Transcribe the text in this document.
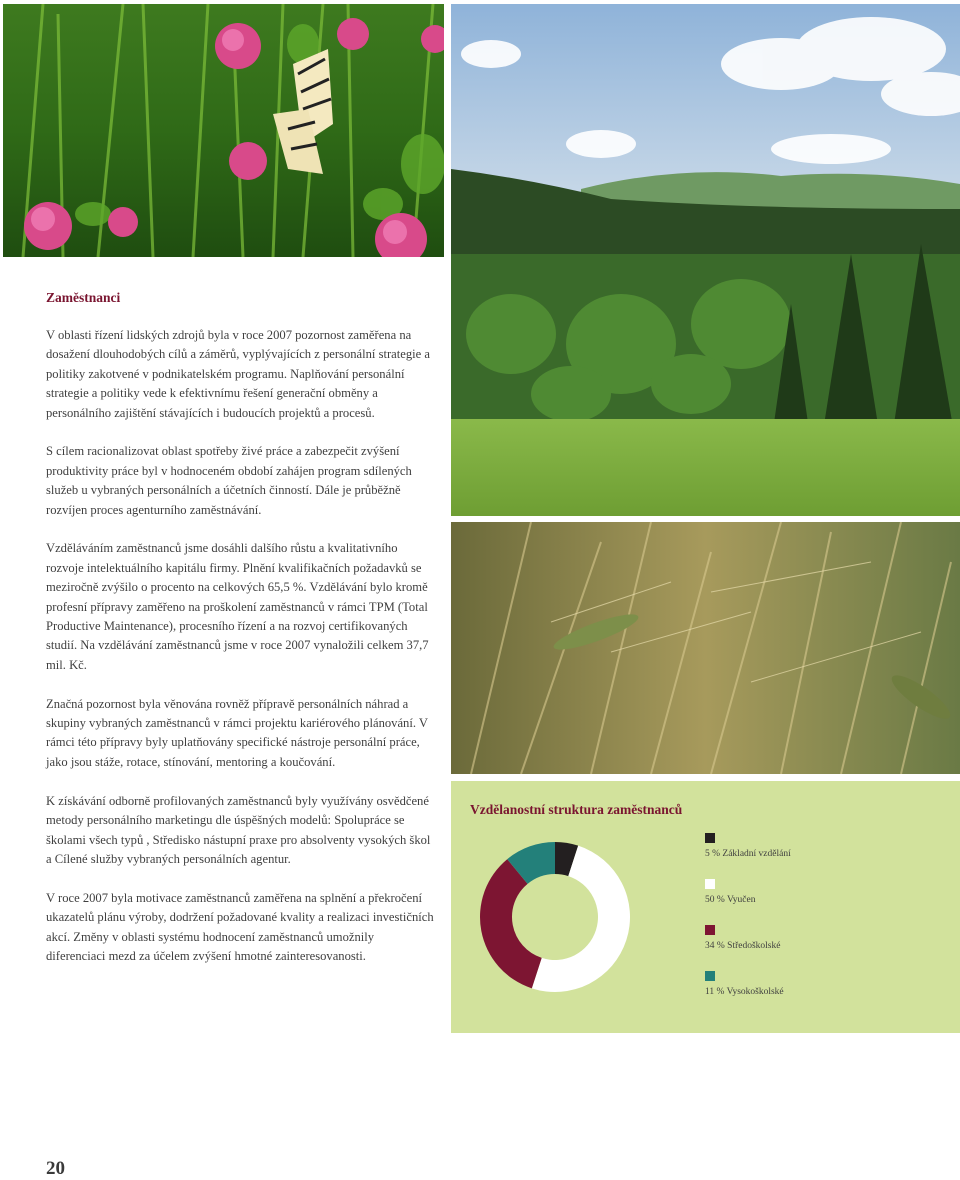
Zaměstnanci

V oblasti řízení lidských zdrojů byla v roce 2007 pozornost zaměřena na dosažení dlouhodobých cílů a záměrů, vyplývajících z personální strategie a politiky zakotvené v podnikatelském programu. Naplňování personální strategie a politiky vede k efektivnímu řešení generační obměny a personálního zajištění stávajících i budoucích projektů a procesů.

S cílem racionalizovat oblast spotřeby živé práce a zabezpečit zvýšení produktivity práce byl v hodnoceném období zahájen program sdílených služeb u vybraných personálních a účetních činností. Dále je průběžně rozvíjen proces agenturního zaměstnávání.

Vzděláváním zaměstnanců jsme dosáhli dalšího růstu a kvalitativního rozvoje intelektuálního kapitálu firmy. Plnění kvalifikačních požadavků se meziročně zvýšilo o procento na celkových 65,5 %. Vzdělávání bylo kromě profesní přípravy zaměřeno na proškolení zaměstnanců v rámci TPM (Total Productive Maintenance), procesního řízení a na rozvoj certifikovaných studií. Na vzdělávání zaměstnanců jsme v roce 2007 vynaložili celkem 37,7 mil. Kč.

Značná pozornost byla věnována rovněž přípravě personálních náhrad a skupiny vybraných zaměstnanců v rámci projektu kariérového plánování. V rámci této přípravy byly uplatňovány specifické nástroje personální práce, jako jsou stáže, rotace, stínování, mentoring a koučování.

K získávání odborně profilovaných zaměstnanců byly využívány osvědčené metody personálního marketingu dle úspěšných modelů: Spolupráce se školami všech typů , Středisko nástupní praxe pro absolventy vysokých škol a Cílené služby vybraných personálních agentur.

V roce 2007 byla motivace zaměstnanců zaměřena na splnění a překročení ukazatelů plánu výroby, dodržení požadované kvality a realizaci investičních akcí. Změny v oblasti systému hodnocení zaměstnanců umožnily diferenciaci mezd za účelem zvýšení hmotné zainteresovanosti.

20
Vzdělanostní struktura zaměstnanců
5 % Základní vzdělání
50 % Vyučen
34 % Středoškolské
11 % Vysokoškolské
